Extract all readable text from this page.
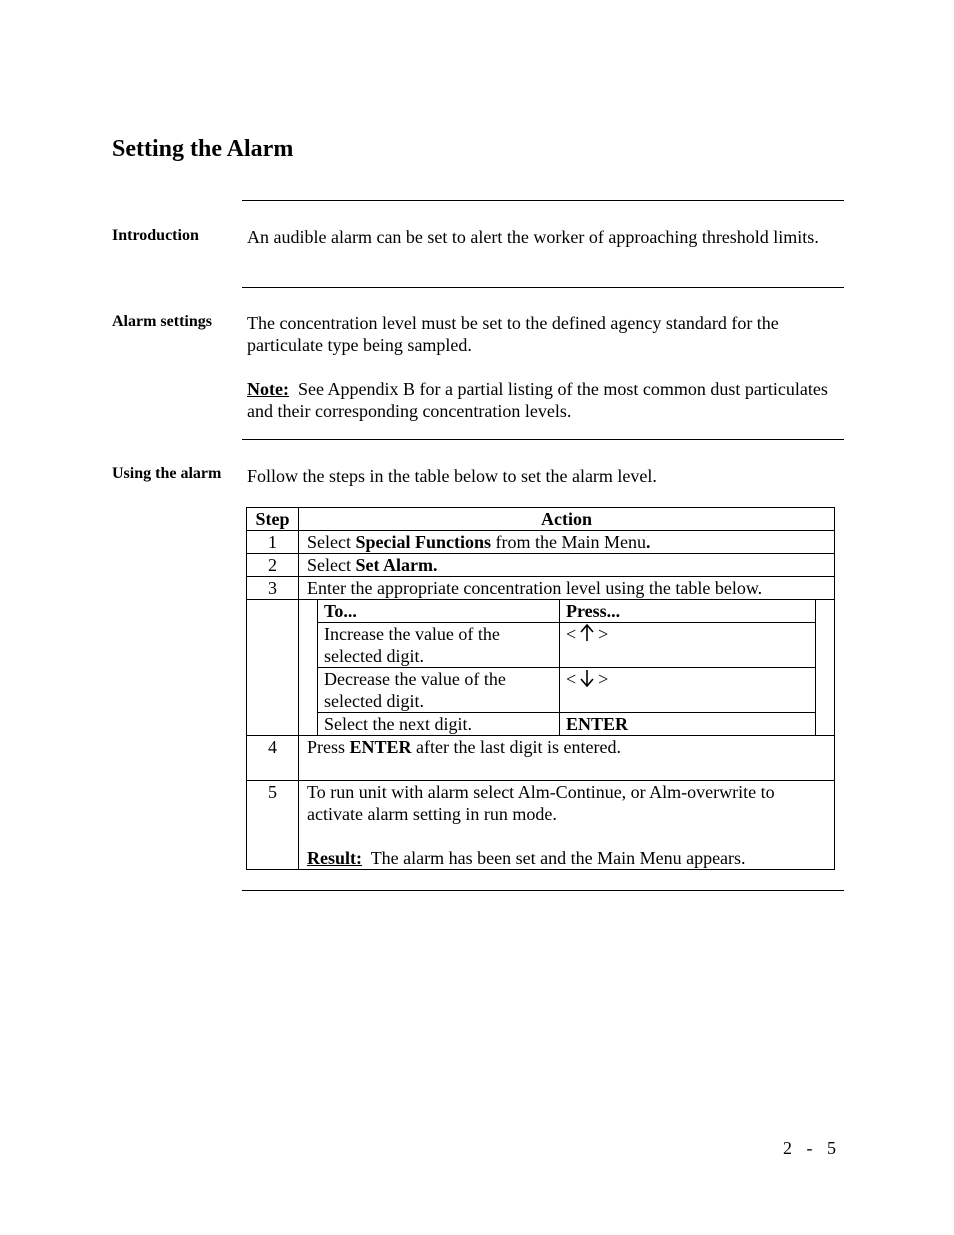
Setting the Alarm
Introduction	An audible alarm can be set to alert the worker of approaching threshold limits.

Alarm settings The concentration level must be set to the defined agency standard for the particulate type being sampled.

Note: See Appendix B for a partial listing of the most common dust particulates and their corresponding concentration levels.

Using the alarm Follow the steps in the table below to set the alarm level.

Step	Action
1	Select Special Functions from the Main Menu.
2	Select Set Alarm.
3	Enter the appropriate concentration level using the table below.

To...	Press...
Increase the value of the selected digit.	< >
Decrease the value of the selected digit.	< >
Select the next digit.	ENTER

4	Press ENTER after the last digit is entered.
5	To run unit with alarm select Alm-Continue, or Alm-overwrite to activate alarm setting in run mode.
Result: The alarm has been set and the Main Menu appears.
2 - 5
